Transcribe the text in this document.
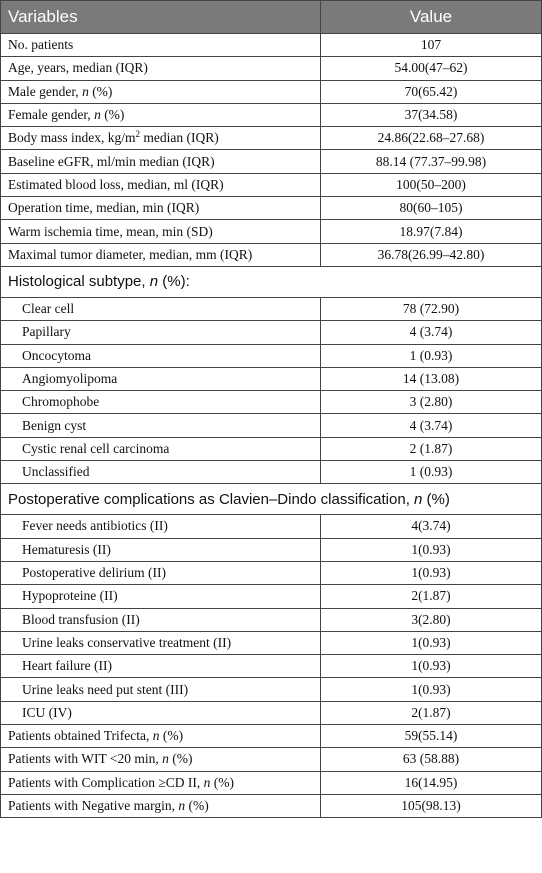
Variables	Value
No. patients	107
Age, years, median (IQR)	54.00(47–62)
Male gender, n (%)	70(65.42)
Female gender, n (%)	37(34.58)
Body mass index, $kg/m^2$ median (IQR)	24.86(22.68–27.68)
Baseline eGFR, ml/min median (IQR)	88.14 (77.37–99.98)
Estimated blood loss, median, ml (IQR)	100(50–200)
Operation time, median, min (IQR)	80(60–105)
Warm ischemia time, mean, min (SD)	18.97(7.84)
Maximal tumor diameter, median, mm (IQR)	36.78(26.99–42.80)
Histological subtype, n (%):	
Clear cell	78 (72.90)
Papillary	4 (3.74)
Oncocytoma	1 (0.93)
Angiomyolipoma	14 (13.08)
Chromophobe	3 (2.80)
Benign cyst	4 (3.74)
Cystic renal cell carcinoma	2 (1.87)
Unclassified	1 (0.93)
Postoperative complications as Clavien–Dindo classification, n (%)	
Fever needs antibiotics (II)	4(3.74)
Hematuresis (II)	1(0.93)
Postoperative delirium (II)	1(0.93)
Hypoproteine (II)	2(1.87)
Blood transfusion (II)	3(2.80)
Urine leaks conservative treatment (II)	1(0.93)
Heart failure (II)	1(0.93)
Urine leaks need put stent (III)	1(0.93)
ICU (IV)	2(1.87)
Patients obtained Trifecta, n (%)	59(55.14)
Patients with WIT <20 min, n (%)	63 (58.88)
Patients with Complication ≥CD II, n (%)	16(14.95)
Patients with Negative margin, n (%)	105(98.13)
